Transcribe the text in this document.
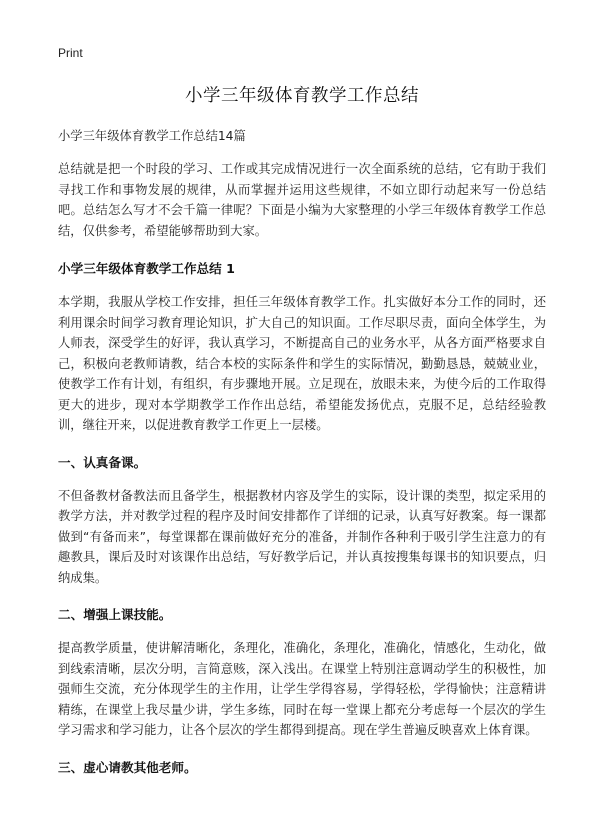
Print
小学三年级体育教学工作总结
小学三年级体育教学工作总结14篇

总结就是把一个时段的学习、工作或其完成情况进行一次全面系统的总结，它有助于我们寻找工作和事物发展的规律，从而掌握并运用这些规律，不如立即行动起来写一份总结吧。总结怎么写才不会千篇一律呢？下面是小编为大家整理的小学三年级体育教学工作总结，仅供参考，希望能够帮助到大家。

小学三年级体育教学工作总结 1

本学期，我服从学校工作安排，担任三年级体育教学工作。扎实做好本分工作的同时，还利用课余时间学习教育理论知识，扩大自己的知识面。工作尽职尽责，面向全体学生，为人师表，深受学生的好评，我认真学习，不断提高自己的业务水平，从各方面严格要求自己，积极向老教师请教，结合本校的实际条件和学生的实际情况，勤勤恳恳，兢兢业业，使教学工作有计划，有组织，有步骤地开展。立足现在，放眼未来，为使今后的工作取得更大的进步，现对本学期教学工作作出总结，希望能发扬优点，克服不足，总结经验教训，继往开来，以促进教育教学工作更上一层楼。

一、认真备课。

不但备教材备教法而且备学生，根据教材内容及学生的实际，设计课的类型，拟定采用的教学方法，并对教学过程的程序及时间安排都作了详细的记录，认真写好教案。每一课都做到“有备而来”，每堂课都在课前做好充分的准备，并制作各种利于吸引学生注意力的有趣教具，课后及时对该课作出总结，写好教学后记，并认真按搜集每课书的知识要点，归纳成集。

二、增强上课技能。

提高教学质量，使讲解清晰化，条理化，准确化，条理化，准确化，情感化，生动化，做到线索清晰，层次分明，言简意赅，深入浅出。在课堂上特别注意调动学生的积极性，加强师生交流，充分体现学生的主作用，让学生学得容易，学得轻松，学得愉快；注意精讲精练，在课堂上我尽量少讲，学生多练，同时在每一堂课上都充分考虑每一个层次的学生学习需求和学习能力，让各个层次的学生都得到提高。现在学生普遍反映喜欢上体育课。

三、虚心请教其他老师。
